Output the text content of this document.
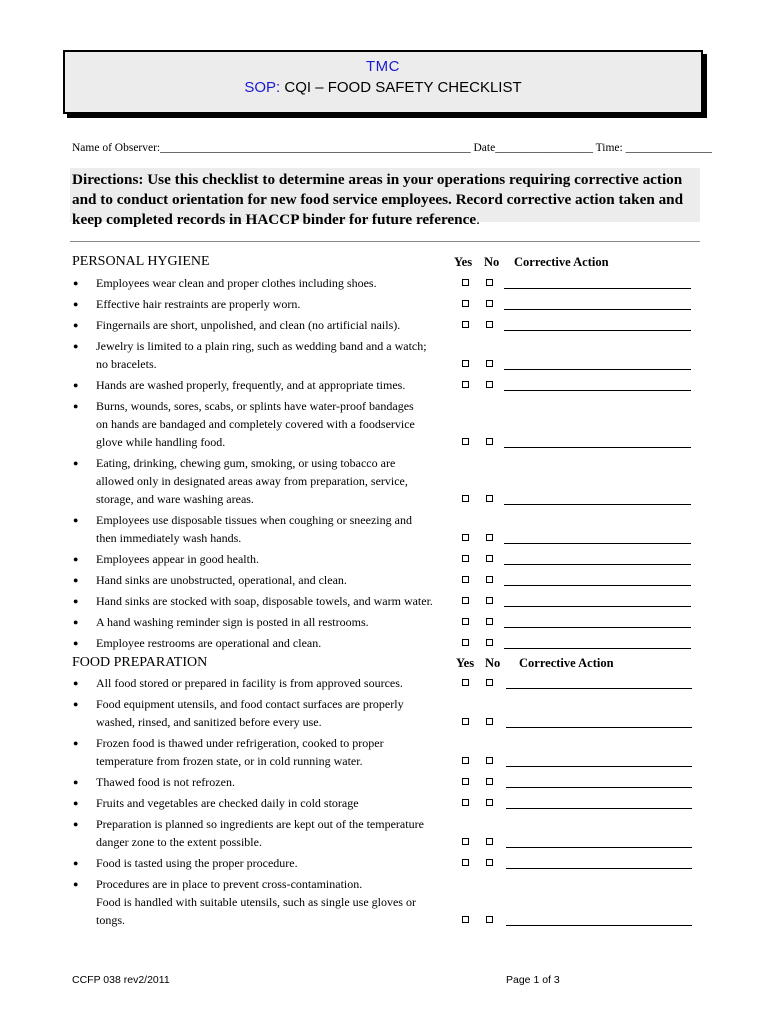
TMC
SOP: CQI – FOOD SAFETY CHECKLIST
Name of Observer:______________________________________________________ Date_________________ Time: _______________
Directions: Use this checklist to determine areas in your operations requiring corrective action and to conduct orientation for new food service employees. Record corrective action taken and keep completed records in HACCP binder for future reference.
PERSONAL HYGIENE	Yes No Corrective Action
● Employees wear clean and proper clothes including shoes.
● Effective hair restraints are properly worn.
● Fingernails are short, unpolished, and clean (no artificial nails).
● Jewelry is limited to a plain ring, such as wedding band and a watch;
no bracelets.
● Hands are washed properly, frequently, and at appropriate times.
● Burns, wounds, sores, scabs, or splints have water-proof bandages
on hands are bandaged and completely covered with a foodservice
glove while handling food.
● Eating, drinking, chewing gum, smoking, or using tobacco are
allowed only in designated areas away from preparation, service,
storage, and ware washing areas.
● Employees use disposable tissues when coughing or sneezing and
then immediately wash hands.
● Employees appear in good health.
● Hand sinks are unobstructed, operational, and clean.
● Hand sinks are stocked with soap, disposable towels, and warm water.
● A hand washing reminder sign is posted in all restrooms.
● Employee restrooms are operational and clean.
FOOD PREPARATION	Yes No Corrective Action
● All food stored or prepared in facility is from approved sources.
● Food equipment utensils, and food contact surfaces are properly
washed, rinsed, and sanitized before every use.
● Frozen food is thawed under refrigeration, cooked to proper
temperature from frozen state, or in cold running water.
● Thawed food is not refrozen.
● Fruits and vegetables are checked daily in cold storage
● Preparation is planned so ingredients are kept out of the temperature
danger zone to the extent possible.
● Food is tasted using the proper procedure.
● Procedures are in place to prevent cross-contamination.
Food is handled with suitable utensils, such as single use gloves or
tongs.
CCFP 038 rev2/2011	Page 1 of 3
